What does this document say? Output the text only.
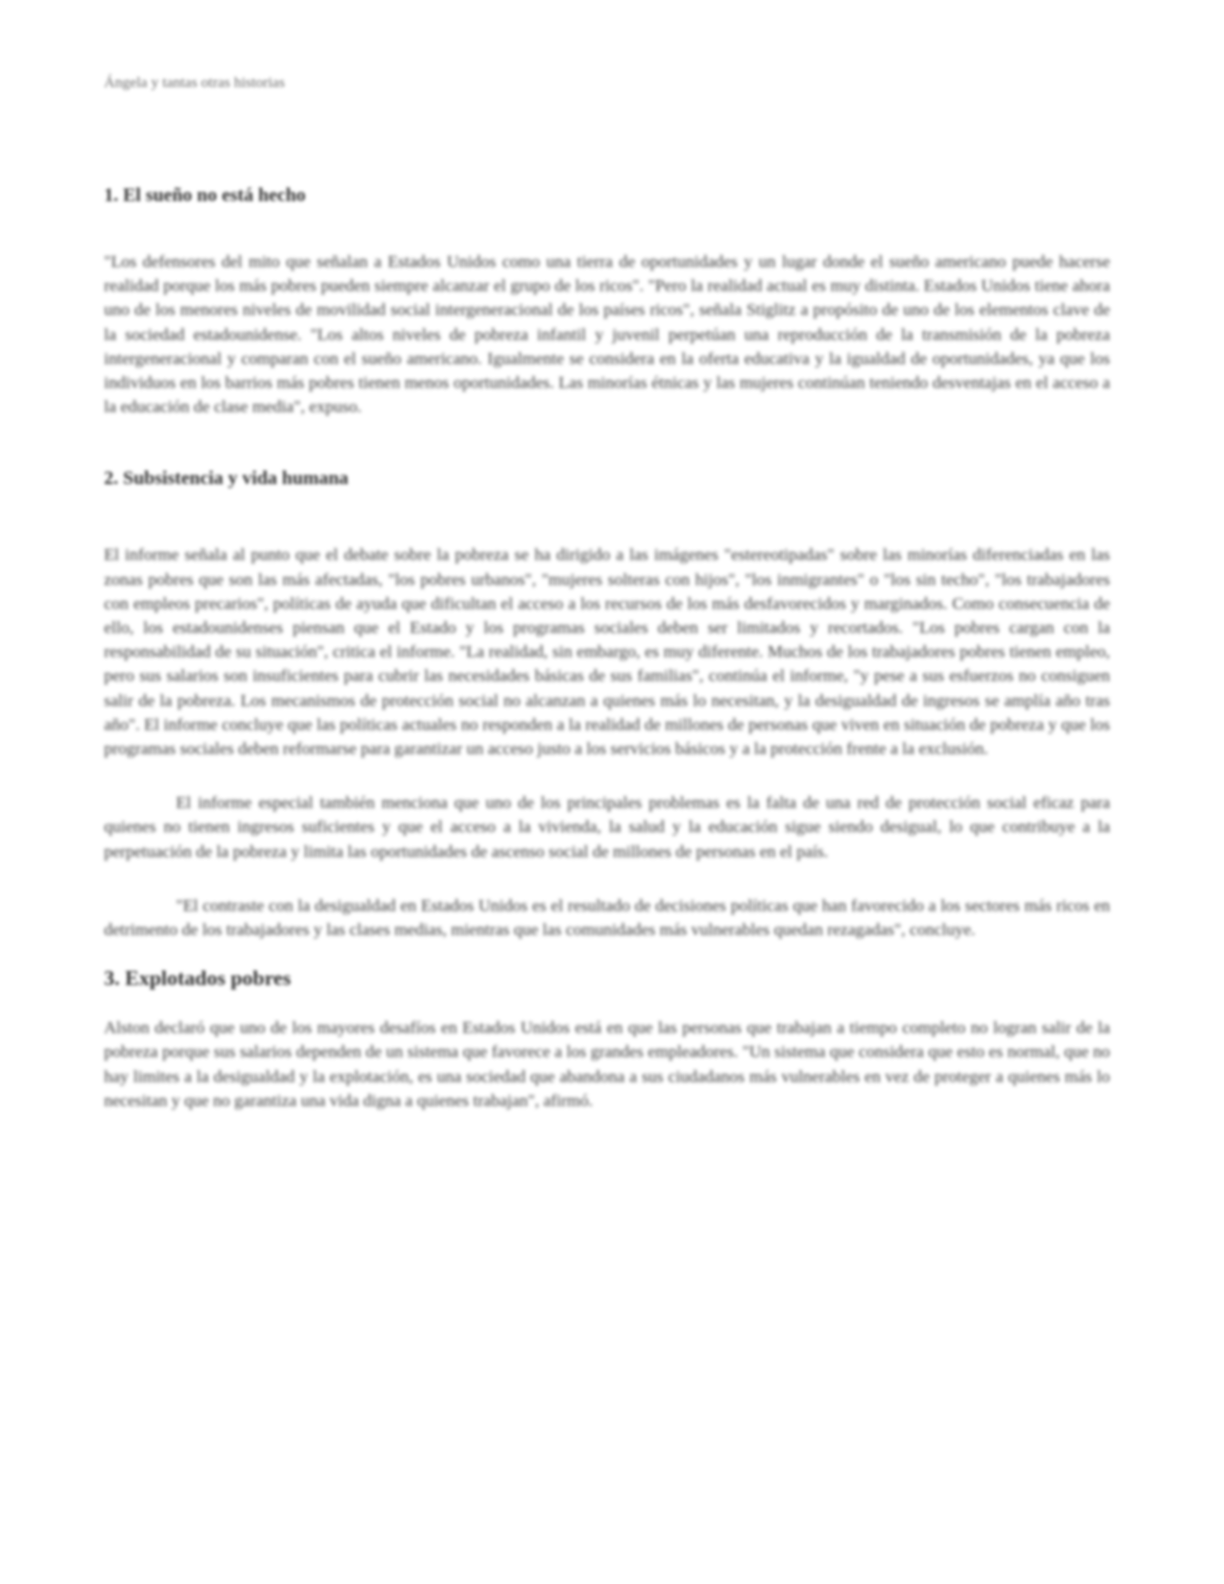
Ángela y tantas otras historias
1. El sueño no está hecho

"Los defensores del mito que señalan a Estados Unidos como una tierra de oportunidades y un lugar donde el sueño americano puede hacerse realidad porque los más pobres pueden siempre alcanzar el grupo de los ricos". "Pero la realidad actual es muy distinta. Estados Unidos tiene ahora uno de los menores niveles de movilidad social intergeneracional de los países ricos", señala Stiglitz a propósito de uno de los elementos clave de la sociedad estadounidense. "Los altos niveles de pobreza infantil y juvenil perpetúan una reproducción de la transmisión de la pobreza intergeneracional y comparan con el sueño americano. Igualmente se considera en la oferta educativa y la igualdad de oportunidades, ya que los individuos en los barrios más pobres tienen menos oportunidades. Las minorías étnicas y las mujeres continúan teniendo desventajas en el acceso a la educación de clase media", expuso.

2. Subsistencia y vida humana

El informe señala al punto que el debate sobre la pobreza se ha dirigido a las imágenes "estereotipadas" sobre las minorías diferenciadas en las zonas pobres que son las más afectadas, "los pobres urbanos", "mujeres solteras con hijos", "los inmigrantes" o "los sin techo", "los trabajadores con empleos precarios", políticas de ayuda que dificultan el acceso a los recursos de los más desfavorecidos y marginados. Como consecuencia de ello, los estadounidenses piensan que el Estado y los programas sociales deben ser limitados y recortados. "Los pobres cargan con la responsabilidad de su situación", critica el informe. "La realidad, sin embargo, es muy diferente. Muchos de los trabajadores pobres tienen empleo, pero sus salarios son insuficientes para cubrir las necesidades básicas de sus familias", continúa el informe, "y pese a sus esfuerzos no consiguen salir de la pobreza. Los mecanismos de protección social no alcanzan a quienes más lo necesitan, y la desigualdad de ingresos se amplía año tras año". El informe concluye que las políticas actuales no responden a la realidad de millones de personas que viven en situación de pobreza y que los programas sociales deben reformarse para garantizar un acceso justo a los servicios básicos y a la protección frente a la exclusión.

El informe especial también menciona que uno de los principales problemas es la falta de una red de protección social eficaz para quienes no tienen ingresos suficientes y que el acceso a la vivienda, la salud y la educación sigue siendo desigual, lo que contribuye a la perpetuación de la pobreza y limita las oportunidades de ascenso social de millones de personas en el país.

"El contraste con la desigualdad en Estados Unidos es el resultado de decisiones políticas que han favorecido a los sectores más ricos en detrimento de los trabajadores y las clases medias, mientras que las comunidades más vulnerables quedan rezagadas", concluye.

3. Explotados pobres

Alston declaró que uno de los mayores desafíos en Estados Unidos está en que las personas que trabajan a tiempo completo no logran salir de la pobreza porque sus salarios dependen de un sistema que favorece a los grandes empleadores. "Un sistema que considera que esto es normal, que no hay limites a la desigualdad y la explotación, es una sociedad que abandona a sus ciudadanos más vulnerables en vez de proteger a quienes más lo necesitan y que no garantiza una vida digna a quienes trabajan", afirmó.
